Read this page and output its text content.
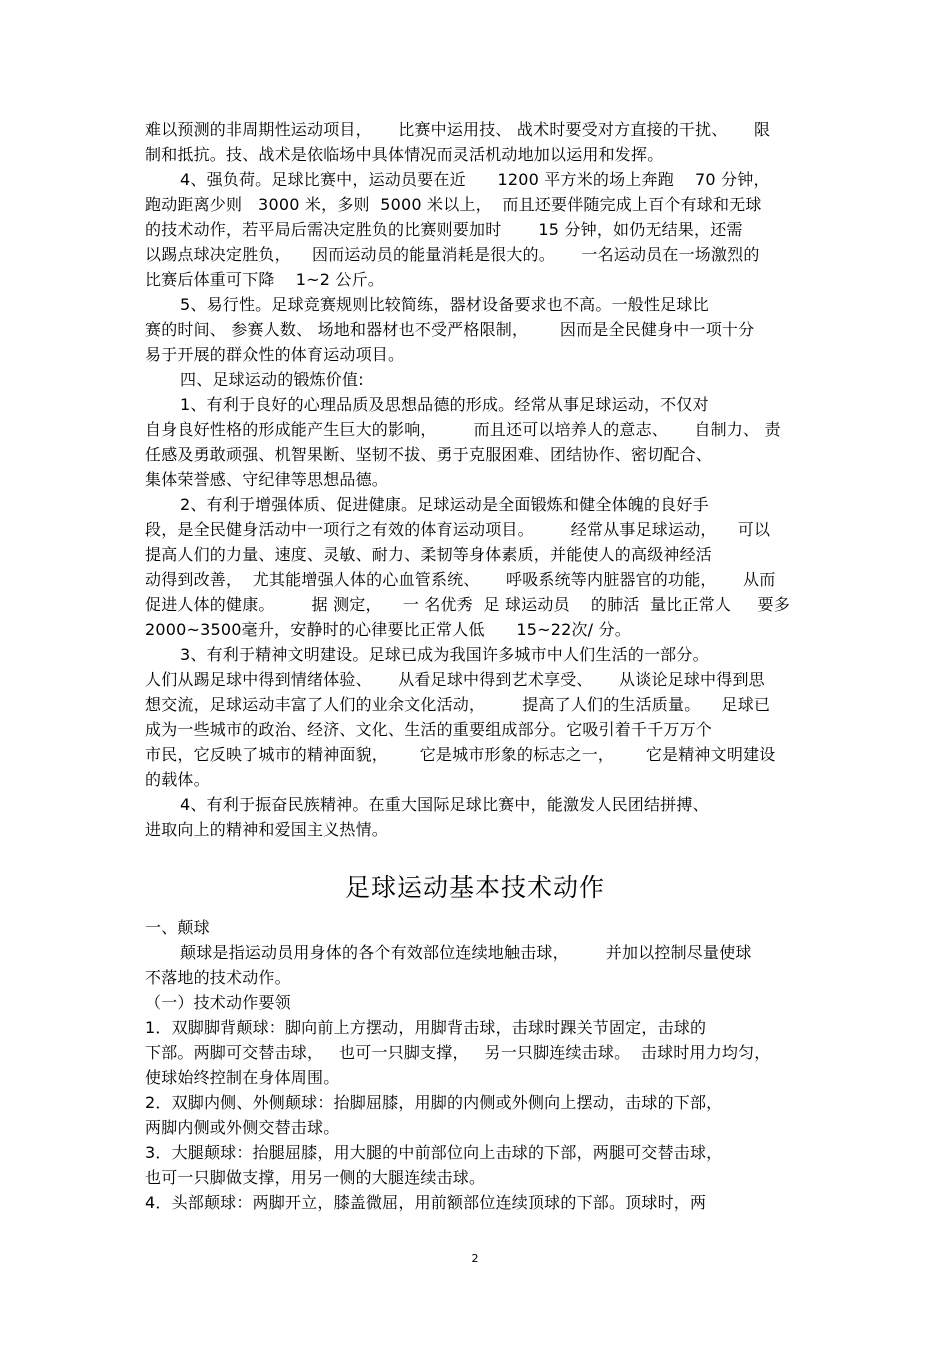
难以预测的非周期性运动项目，     比赛中运用技、 战术时要受对方直接的干扰、     限
制和抵抗。技、战术是依临场中具体情况而灵活机动地加以运用和发挥。
4、强负荷。足球比赛中，运动员要在近      1200 平方米的场上奔跑    70 分钟，
跑动距离少则   3000 米，多则  5000 米以上，  而且还要伴随完成上百个有球和无球
的技术动作，若平局后需决定胜负的比赛则要加时       15 分钟，如仍无结果，还需
以踢点球决定胜负，    因而运动员的能量消耗是很大的。     一名运动员在一场激烈的
比赛后体重可下降    1~2 公斤。
5、易行性。足球竞赛规则比较简练，器材设备要求也不高。一般性足球比
赛的时间、 参赛人数、 场地和器材也不受严格限制，      因而是全民健身中一项十分
易于开展的群众性的体育运动项目。
四、足球运动的锻炼价值:
1、有利于良好的心理品质及思想品德的形成。经常从事足球运动，不仅对
自身良好性格的形成能产生巨大的影响，       而且还可以培养人的意志、     自制力、 责
任感及勇敢顽强、机智果断、坚韧不拔、勇于克服困难、团结协作、密切配合、
集体荣誉感、守纪律等思想品德。
2、有利于增强体质、促进健康。足球运动是全面锻炼和健全体魄的良好手
段，是全民健身活动中一项行之有效的体育运动项目。       经常从事足球运动，    可以
提高人们的力量、速度、灵敏、耐力、柔韧等身体素质，并能使人的高级神经活
动得到改善，  尤其能增强人体的心血管系统、     呼吸系统等内脏器官的功能，     从而
促进人体的健康。       据 测定，    一 名优秀  足 球运动员    的肺活  量比正常人     要多
2000~3500毫升，安静时的心律要比正常人低      15~22次/ 分。
3、有利于精神文明建设。足球已成为我国许多城市中人们生活的一部分。
人们从踢足球中得到情绪体验、     从看足球中得到艺术享受、     从谈论足球中得到思
想交流，足球运动丰富了人们的业余文化活动，       提高了人们的生活质量。    足球已
成为一些城市的政治、经济、文化、生活的重要组成部分。它吸引着千千万万个
市民，它反映了城市的精神面貌，      它是城市形象的标志之一，      它是精神文明建设
的载体。
4、有利于振奋民族精神。在重大国际足球比赛中，能激发人民团结拼搏、
进取向上的精神和爱国主义热情。
足球运动基本技术动作
一、颠球
颠球是指运动员用身体的各个有效部位连续地触击球，       并加以控制尽量使球
不落地的技术动作。
（一）技术动作要领
1．双脚脚背颠球：脚向前上方摆动，用脚背击球，击球时踝关节固定，击球的
下部。两脚可交替击球，   也可一只脚支撑，   另一只脚连续击球。  击球时用力均匀，
使球始终控制在身体周围。
2．双脚内侧、外侧颠球：抬脚屈膝，用脚的内侧或外侧向上摆动，击球的下部，
两脚内侧或外侧交替击球。
3．大腿颠球：抬腿屈膝，用大腿的中前部位向上击球的下部，两腿可交替击球，
也可一只脚做支撑，用另一侧的大腿连续击球。
4．头部颠球：两脚开立，膝盖微屈，用前额部位连续顶球的下部。顶球时，两
2
